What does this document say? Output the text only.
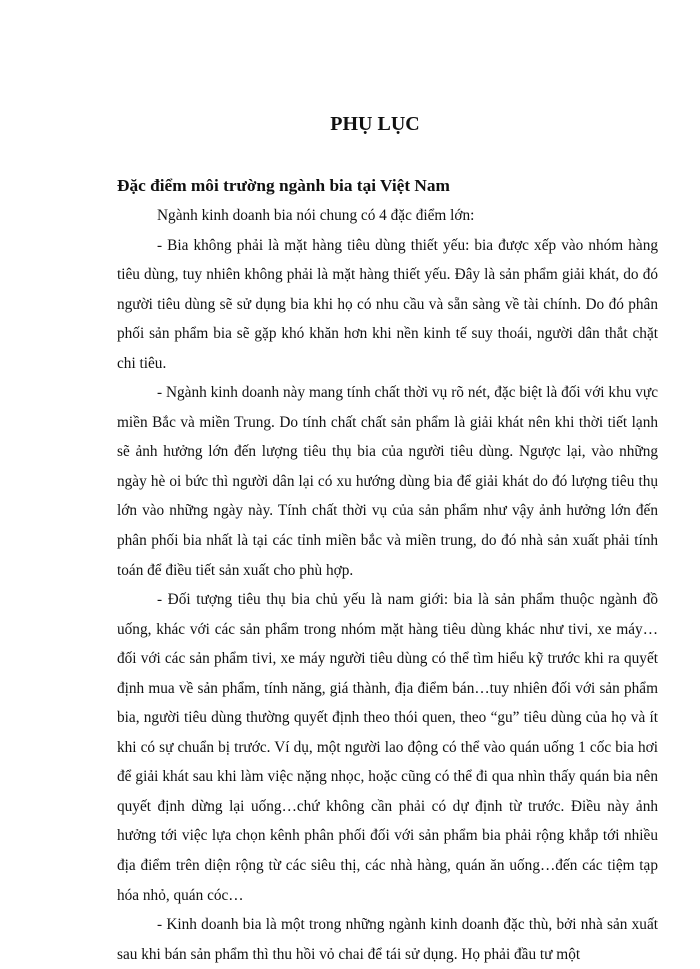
PHỤ LỤC
Đặc điểm môi trường ngành bia tại Việt Nam

Ngành kinh doanh bia nói chung có 4 đặc điểm lớn:

- Bia không phải là mặt hàng tiêu dùng thiết yếu: bia được xếp vào nhóm hàng tiêu dùng, tuy nhiên không phải là mặt hàng thiết yếu. Đây là sản phẩm giải khát, do đó người tiêu dùng sẽ sử dụng bia khi họ có nhu cầu và sẵn sàng về tài chính. Do đó phân phối sản phẩm bia sẽ gặp khó khăn hơn khi nền kinh tế suy thoái, người dân thắt chặt chi tiêu.

- Ngành kinh doanh này mang tính chất thời vụ rõ nét, đặc biệt là đối với khu vực miền Bắc và miền Trung. Do tính chất chất sản phẩm là giải khát nên khi thời tiết lạnh sẽ ảnh hưởng lớn đến lượng tiêu thụ bia của người tiêu dùng. Ngược lại, vào những ngày hè oi bức thì người dân lại có xu hướng dùng bia để giải khát do đó lượng tiêu thụ lớn vào những ngày này. Tính chất thời vụ của sản phẩm như vậy ảnh hưởng lớn đến phân phối bia nhất là tại các tỉnh miền bắc và miền trung, do đó nhà sản xuất phải tính toán để điều tiết sản xuất cho phù hợp.

- Đối tượng tiêu thụ bia chủ yếu là nam giới: bia là sản phẩm thuộc ngành đồ uống, khác với các sản phẩm trong nhóm mặt hàng tiêu dùng khác như tivi, xe máy…đối với các sản phẩm tivi, xe máy người tiêu dùng có thể tìm hiểu kỹ trước khi ra quyết định mua về sản phẩm, tính năng, giá thành, địa điểm bán…tuy nhiên đối với sản phẩm bia, người tiêu dùng thường quyết định theo thói quen, theo “gu” tiêu dùng của họ và ít khi có sự chuẩn bị trước. Ví dụ, một người lao động có thể vào quán uống 1 cốc bia hơi để giải khát sau khi làm việc nặng nhọc, hoặc cũng có thể đi qua nhìn thấy quán bia nên quyết định dừng lại uống…chứ không cần phải có dự định từ trước. Điều này ảnh hưởng tới việc lựa chọn kênh phân phối đối với sản phẩm bia phải rộng khắp tới nhiều địa điểm trên diện rộng từ các siêu thị, các nhà hàng, quán ăn uống…đến các tiệm tạp hóa nhỏ, quán cóc…

- Kinh doanh bia là một trong những ngành kinh doanh đặc thù, bởi nhà sản xuất sau khi bán sản phẩm thì thu hồi vỏ chai để tái sử dụng. Họ phải đầu tư một
